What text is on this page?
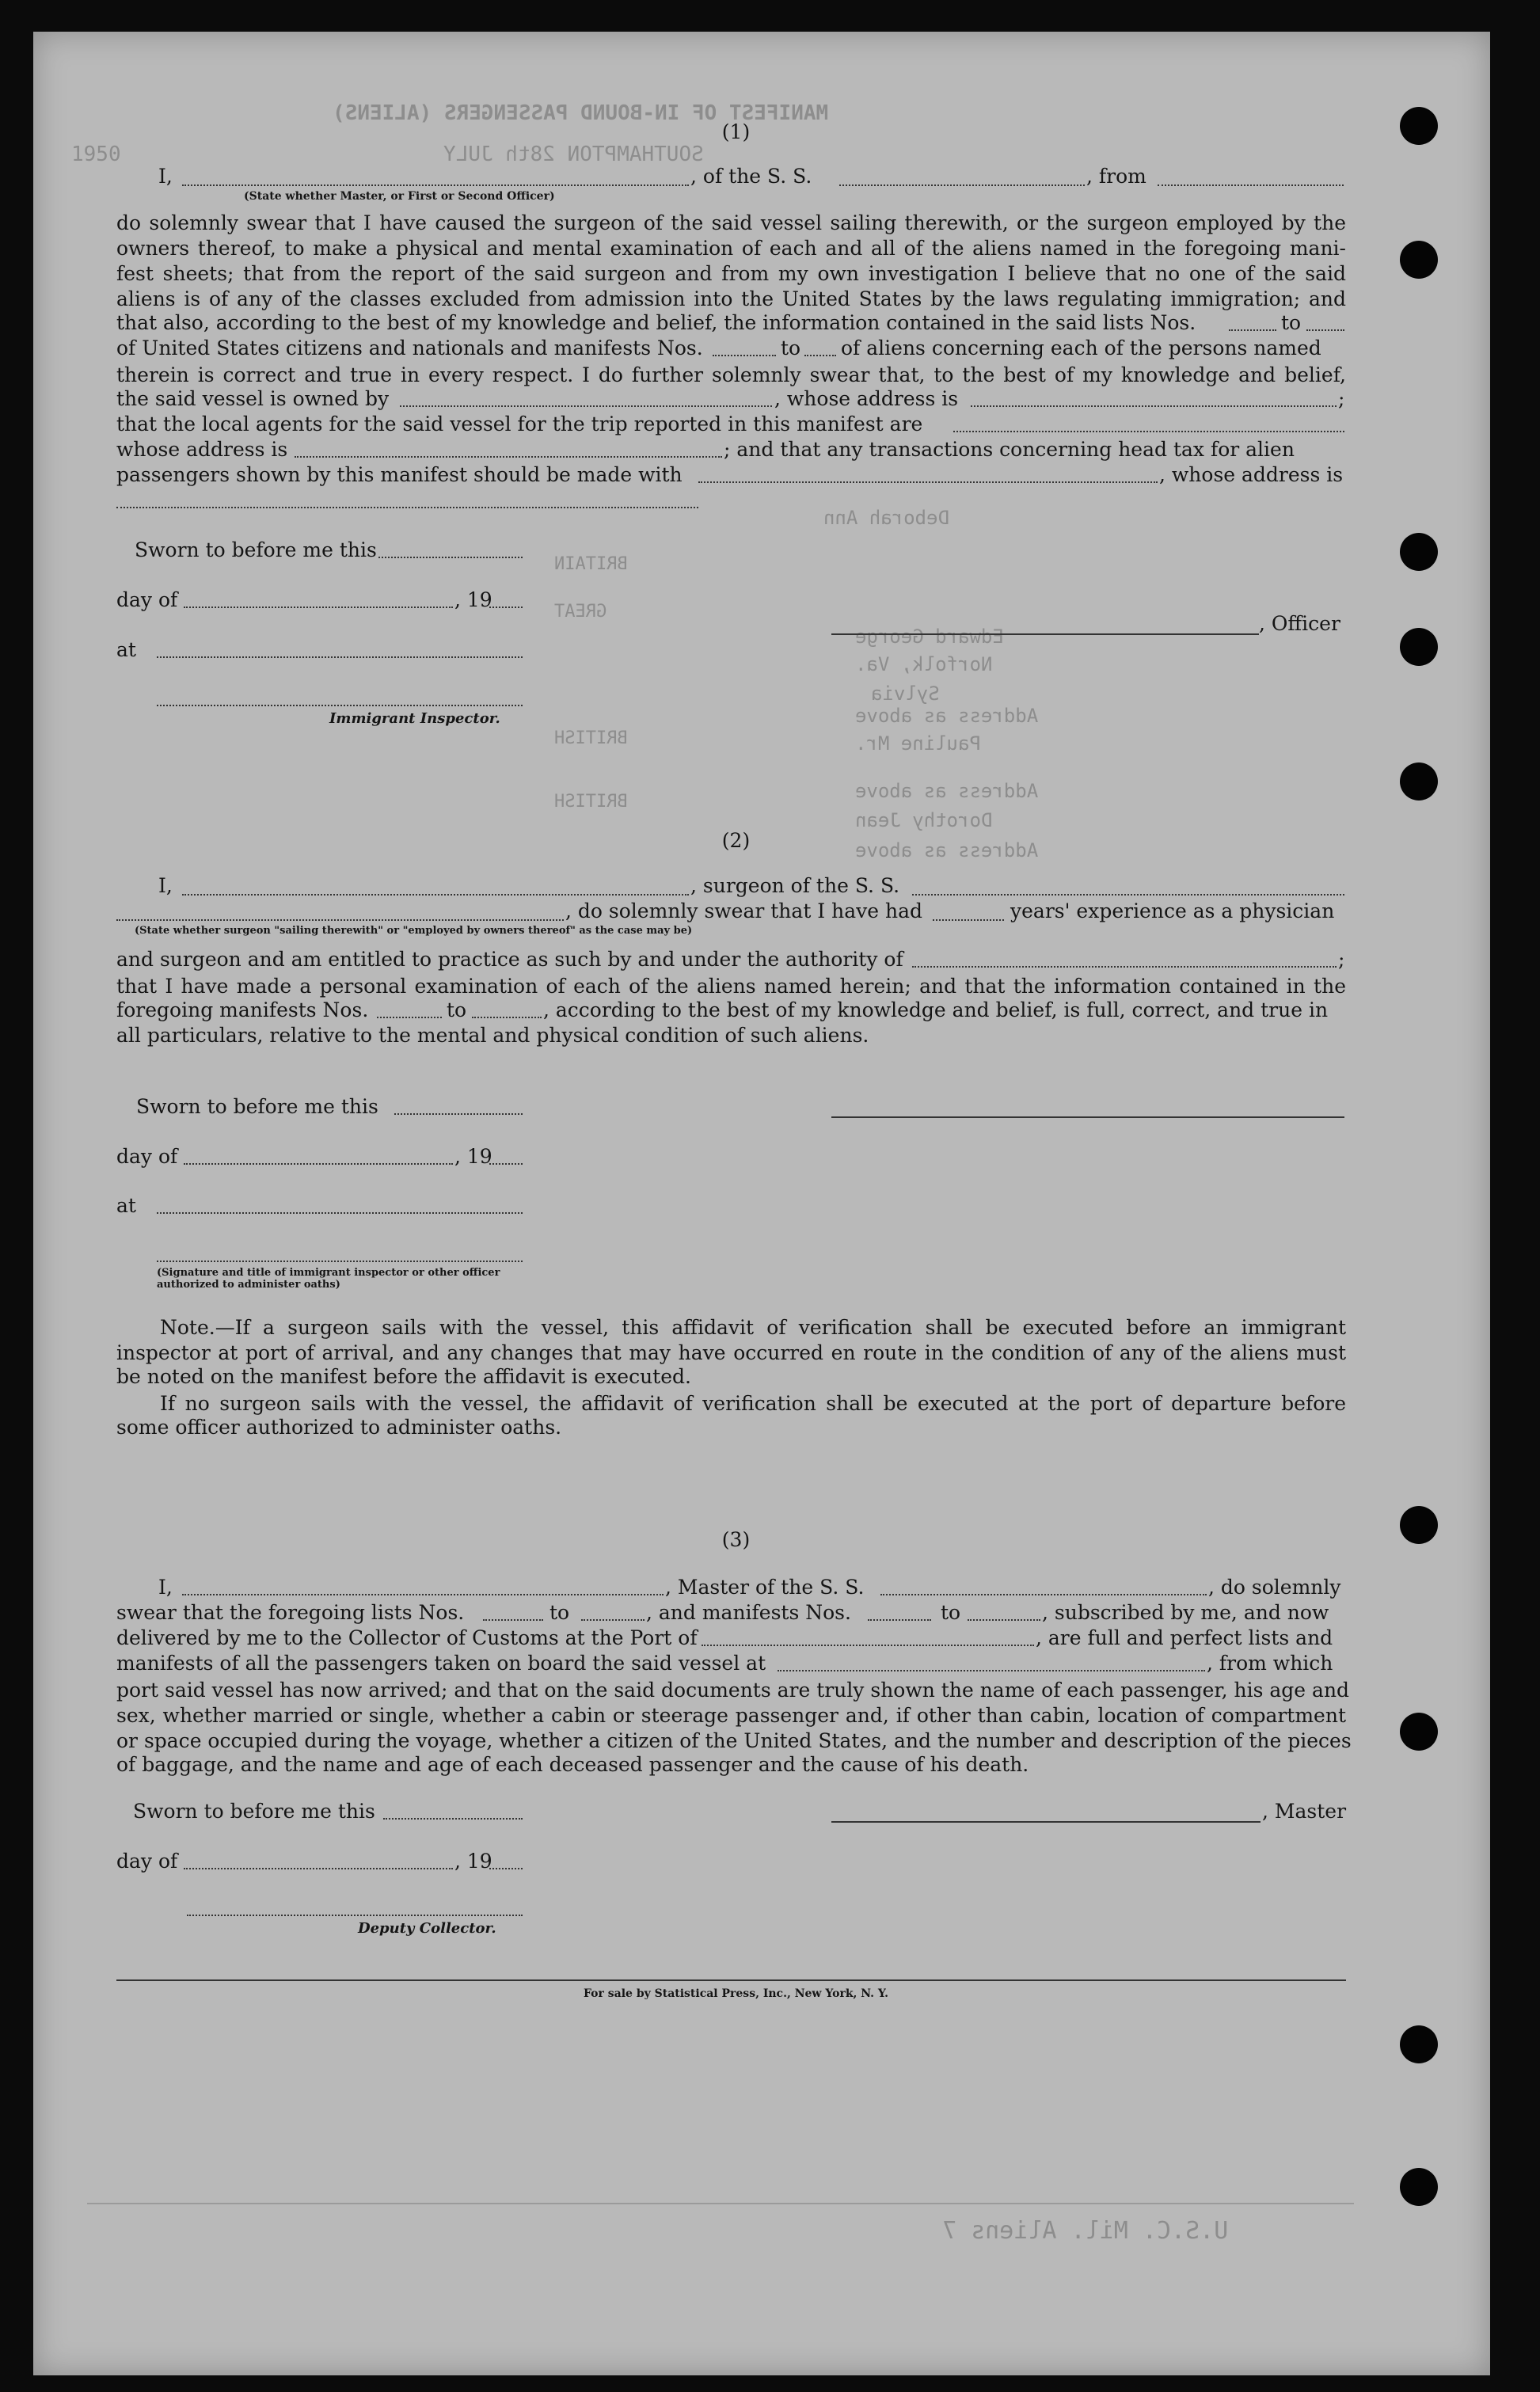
MANIFEST OF IN-BOUND PASSENGERS (ALIENS)
SOUTHAMPTON 28th JULY
1950
Deborah Ann
Edward George
Norfolk, Va.
Sylvia
Address as above
Pauline Mr.
Address as above
Dorothy Jean
Address as above
BRITAIN
BRITISH
GREAT
BRITISH
U.S.C. Mil. Aliens 7
(1)
I,	, of the S. S.	, from
(State whether Master, or First or Second Officer)
do solemnly swear that I have caused the surgeon of the said vessel sailing therewith, or the surgeon employed by the
owners thereof, to make a physical and mental examination of each and all of the aliens named in the foregoing mani-
fest sheets; that from the report of the said surgeon and from my own investigation I believe that no one of the said
aliens is of any of the classes excluded from admission into the United States by the laws regulating immigration; and
that also, according to the best of my knowledge and belief, the information contained in the said lists Nos.	to
of United States citizens and nationals and manifests Nos.	to of aliens concerning each of the persons named
therein is correct and true in every respect. I do further solemnly swear that, to the best of my knowledge and belief,
the said vessel is owned by	, whose address is	;
that the local agents for the said vessel for the trip reported in this manifest are
whose address is	; and that any transactions concerning head tax for alien
passengers shown by this manifest should be made with	, whose address is
Sworn to before me this
day of	, 19
at
, Officer
Immigrant Inspector.
(2)
I,	, surgeon of the S. S.
, do solemnly swear that I have had	years' experience as a physician
(State whether surgeon "sailing therewith" or "employed by owners thereof" as the case may be)
and surgeon and am entitled to practice as such by and under the authority of	;
that I have made a personal examination of each of the aliens named herein; and that the information contained in the
foregoing manifests Nos.	to	, according to the best of my knowledge and belief, is full, correct, and true in
all particulars, relative to the mental and physical condition of such aliens.
Sworn to before me this
day of	, 19
at
(Signature and title of immigrant inspector or other officer authorized to administer oaths)
Note.—If a surgeon sails with the vessel, this affidavit of verification shall be executed before an immigrant
inspector at port of arrival, and any changes that may have occurred en route in the condition of any of the aliens must
be noted on the manifest before the affidavit is executed.
If no surgeon sails with the vessel, the affidavit of verification shall be executed at the port of departure before
some officer authorized to administer oaths.
(3)
I,	, Master of the S. S.	, do solemnly
swear that the foregoing lists Nos.	to	, and manifests Nos.	to	, subscribed by me, and now
delivered by me to the Collector of Customs at the Port of	, are full and perfect lists and
manifests of all the passengers taken on board the said vessel at	, from which
port said vessel has now arrived; and that on the said documents are truly shown the name of each passenger, his age and
sex, whether married or single, whether a cabin or steerage passenger and, if other than cabin, location of compartment
or space occupied during the voyage, whether a citizen of the United States, and the number and description of the pieces
of baggage, and the name and age of each deceased passenger and the cause of his death.
Sworn to before me this	, Master
day of	, 19
Deputy Collector.
For sale by Statistical Press, Inc., New York, N. Y.
